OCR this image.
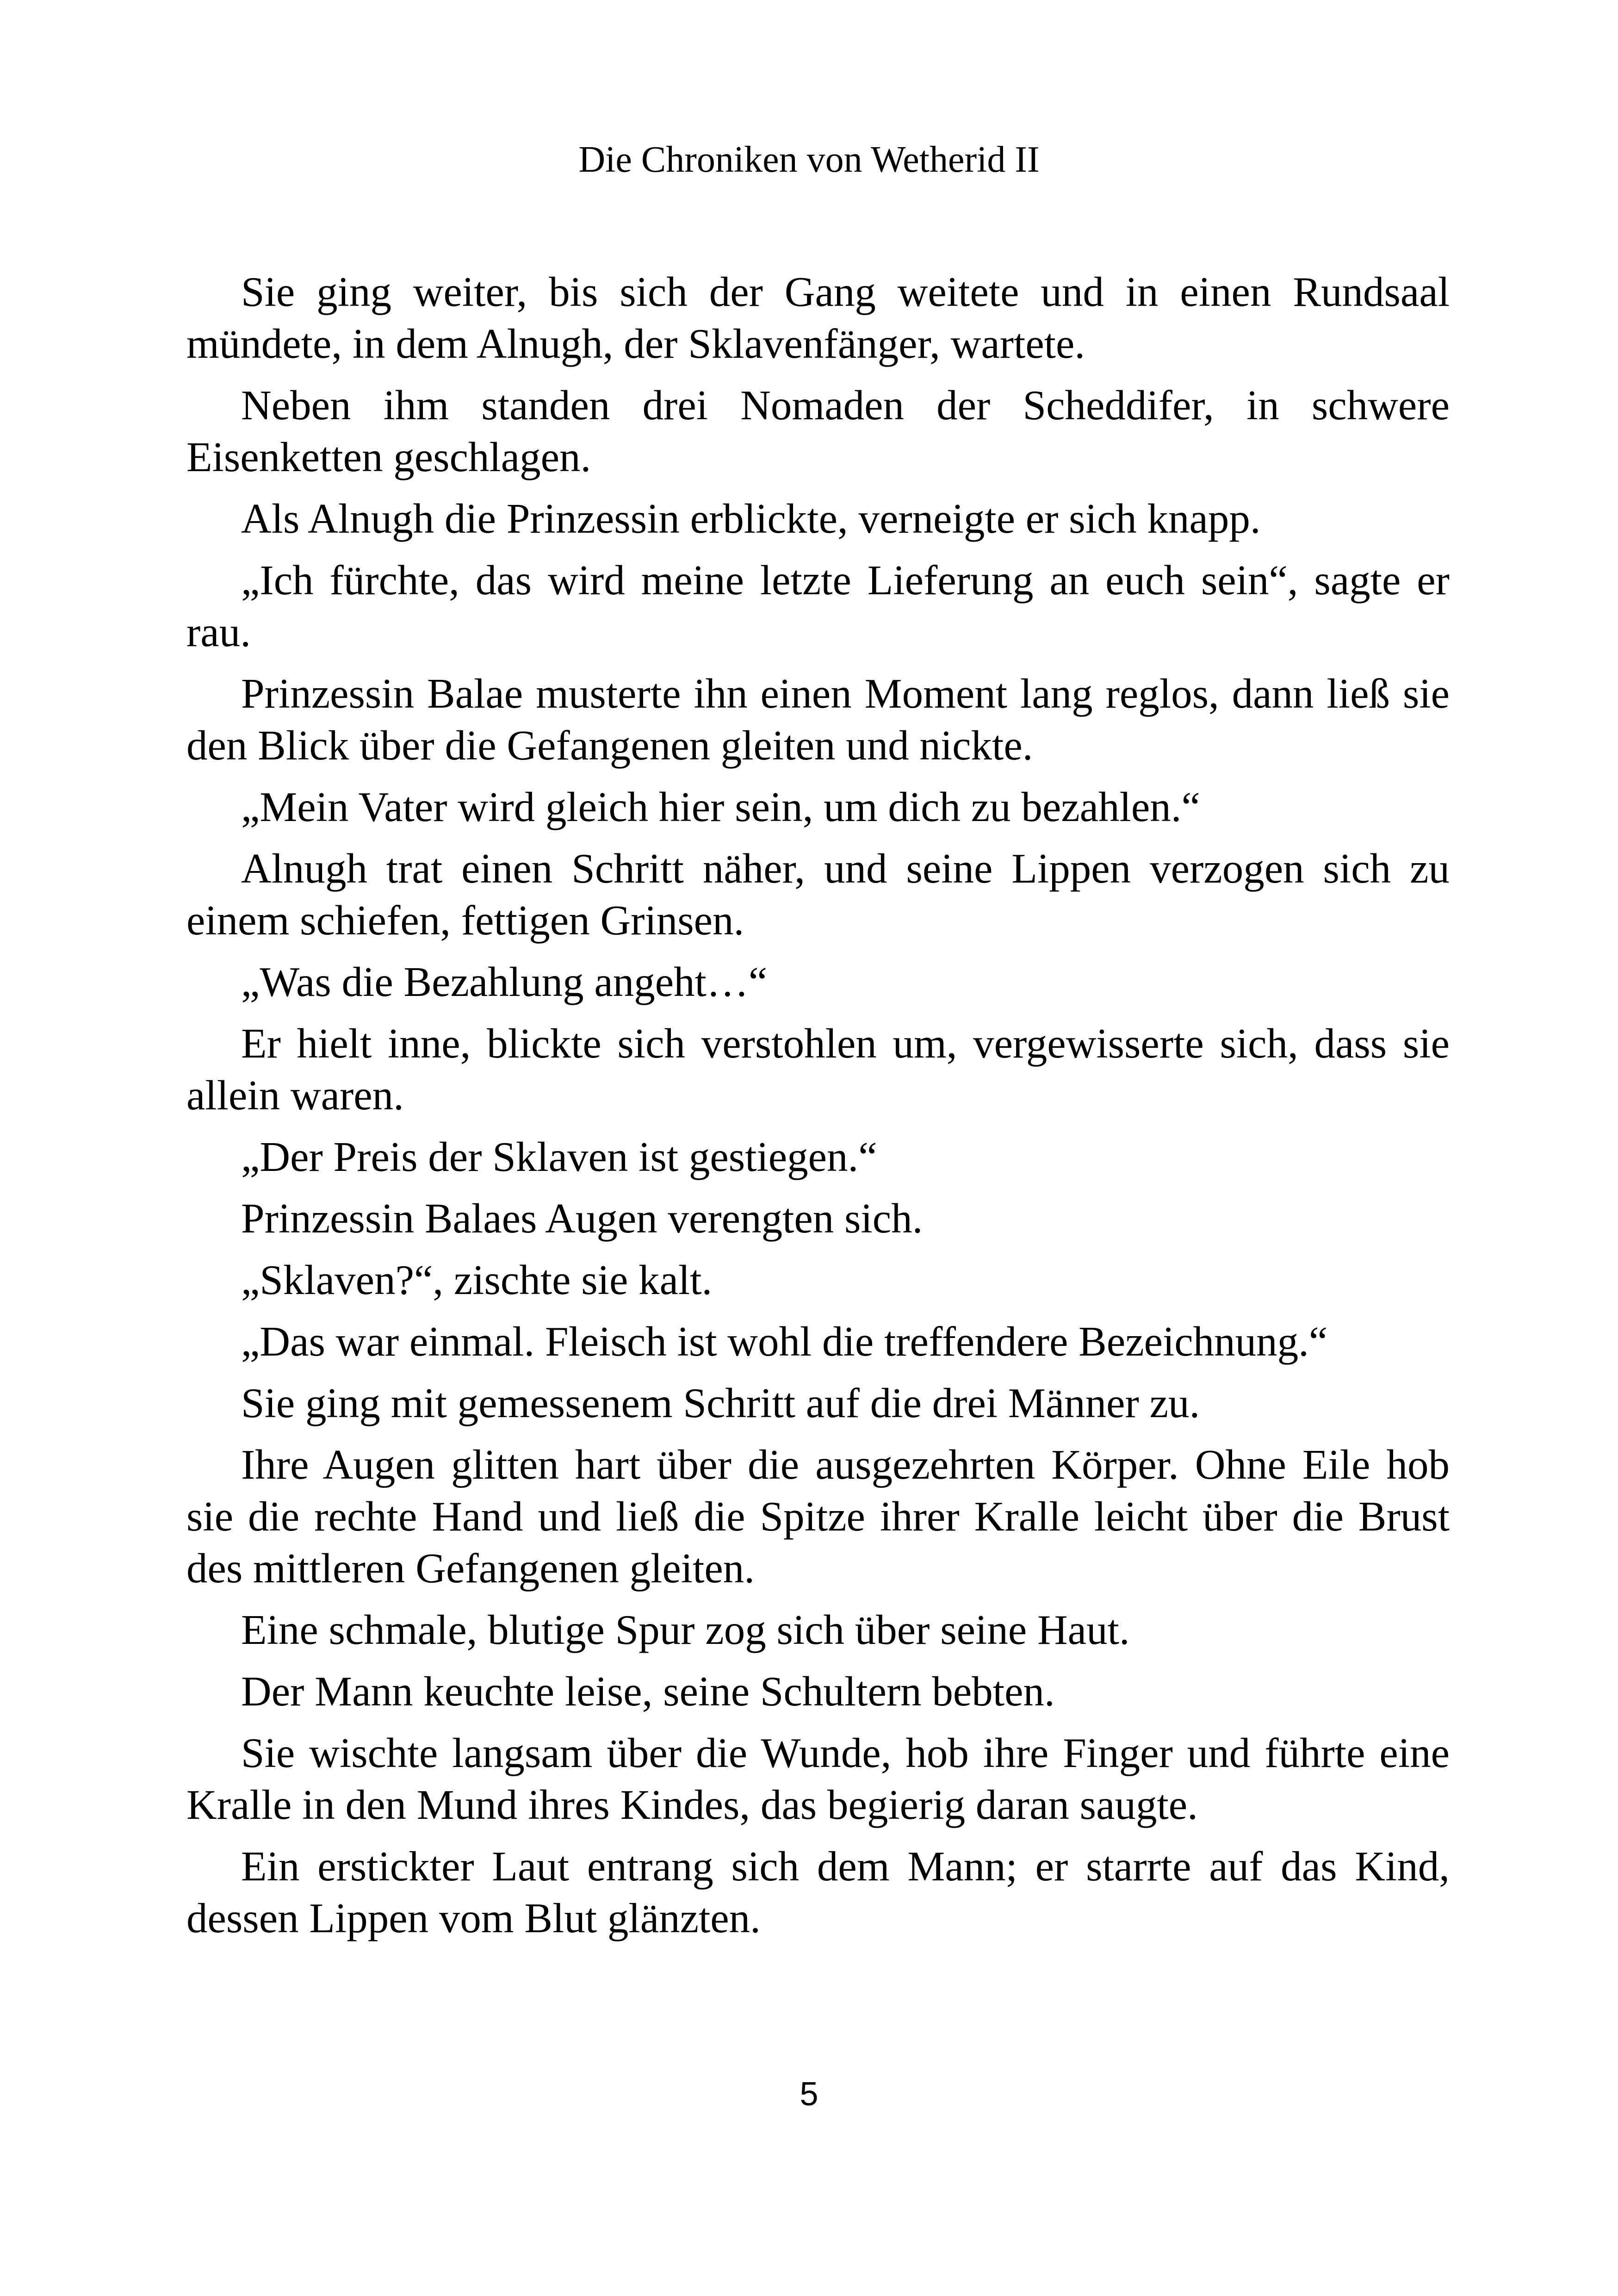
Die Chroniken von Wetherid II

Sie ging weiter, bis sich der Gang weitete und in einen Rundsaal mündete, in dem Alnugh, der Sklavenfänger, wartete.

Neben ihm standen drei Nomaden der Scheddifer, in schwere Eisenketten geschlagen.

Als Alnugh die Prinzessin erblickte, verneigte er sich knapp.

„Ich fürchte, das wird meine letzte Lieferung an euch sein“, sagte er rau.

Prinzessin Balae musterte ihn einen Moment lang reglos, dann ließ sie den Blick über die Gefangenen gleiten und nickte.

„Mein Vater wird gleich hier sein, um dich zu bezahlen.“

Alnugh trat einen Schritt näher, und seine Lippen verzogen sich zu einem schiefen, fettigen Grinsen.

„Was die Bezahlung angeht…“

Er hielt inne, blickte sich verstohlen um, vergewisserte sich, dass sie allein waren.

„Der Preis der Sklaven ist gestiegen.“

Prinzessin Balaes Augen verengten sich.

„Sklaven?“, zischte sie kalt.

„Das war einmal. Fleisch ist wohl die treffendere Bezeichnung.“

Sie ging mit gemessenem Schritt auf die drei Männer zu.

Ihre Augen glitten hart über die ausgezehrten Körper. Ohne Eile hob sie die rechte Hand und ließ die Spitze ihrer Kralle leicht über die Brust des mittleren Gefangenen gleiten.

Eine schmale, blutige Spur zog sich über seine Haut.

Der Mann keuchte leise, seine Schultern bebten.

Sie wischte langsam über die Wunde, hob ihre Finger und führte eine Kralle in den Mund ihres Kindes, das begierig daran saugte.

Ein erstickter Laut entrang sich dem Mann; er starrte auf das Kind, dessen Lippen vom Blut glänzten.

5
